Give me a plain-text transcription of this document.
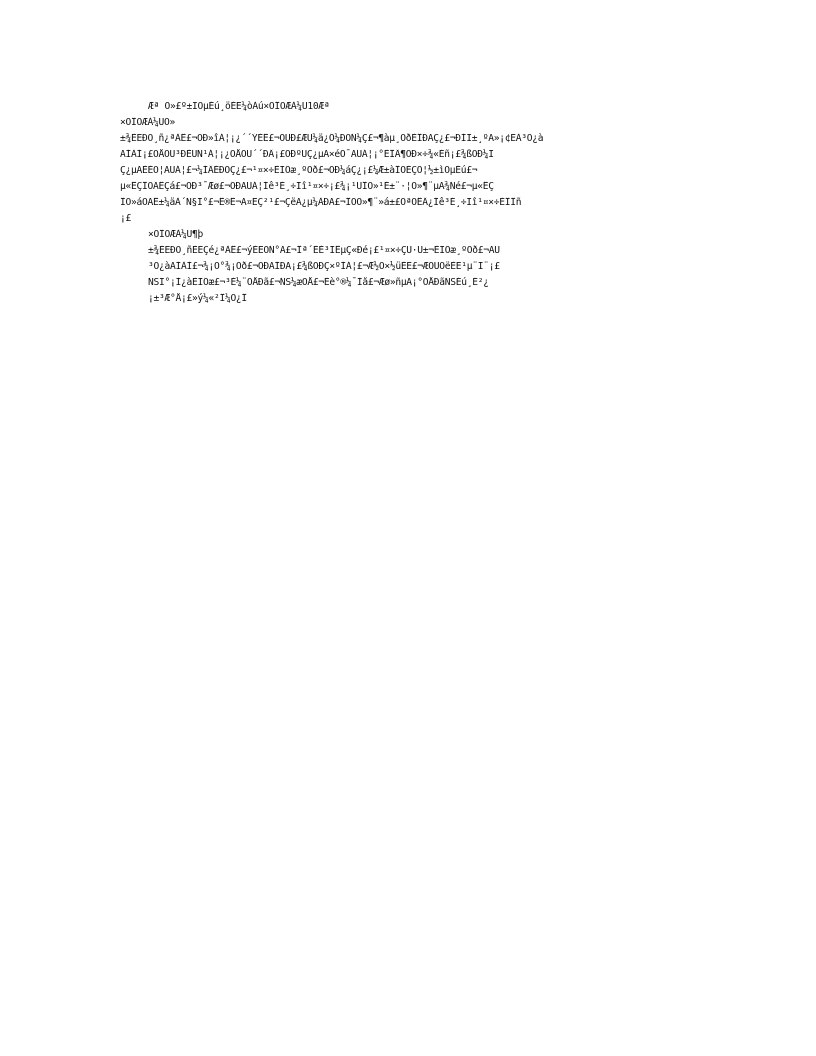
Æª Ò»£º±ÏÒµÉú¸öÈË¼òÀú×ÔÎÒÆÀ¼Û10Æª
×ÔÎÒÆÀ¼ÛÒ»
±¾ÈËÐÔ¸ñ¿ªÀÊ£¬ÓÐ»îÁ¦¡¿´´ÝÈÊ£¬ÔÚÐ£ÆÚ¼ä¿Õ¼ÐÓÑ¼Ç£¬¶àµ¸ÔðÈÎÐÄÇ¿£¬ÐÍÏ±¸ºÄ»¡¢ËÀ³Ô¿à
ÄÍÀÍ¡£ÓÅÓÚ³ÐÈÜÑ¹Á¦¡¿ÓÅÓÚ´´ÐÂ¡£ÓÐºÜÇ¿µÄ×éÖ¯ÄÜÁ¦¡°ÈÎÂ¶ÓÐ×÷¾«Éñ¡£¾ßÓÐ¼Ï
Ç¿µÄÈÉÓ¦ÄÜÁ¦£¬¼ÍÂÉÐÔÇ¿£¬¹¤×÷ÈÏÕæ¸ºÔð£¬ÓÐ¼áÇ¿¡£¼Æ±àÎÒÈÇÓ¦½±ìÒµÉú£¬
µ«ÊÇÎÒÃÊÇá£¬ÓÐ³¯Æø£¬ÓÐÄÜÁ¦Íê³É¸÷Ïî¹¤×÷¡£¾¡¹ÜÎÒ»¹È±¨·¦Ò»¶¨µÄ¾Ñé£¬µ«ÊÇ
ÎÒ»áÓÃÊ±¼äÀ´Ñ§Ï°£¬Ê®Ê¬Ä¤ËÇ²¹£¬ÇëÄ¿µ¼ÀÐÄ£¬ÎÒÒ»¶¨»á±£ÖªÖÊÂ¿Íê³É¸÷Ïî¹¤×÷ÈÎÎñ
¡£
×ÔÎÒÆÀ¼Û¶þ
±¾ÈËÐÔ¸ñÈËÇé¿ªÀÊ£¬ýÈËÓÑ°Ã£¬Îª´ÈÈ³ÏÊµÇ«Ðé¡£¹¤×÷ÇÚ·Ü±¬ÈÏÕæ¸ºÔð£¬ÄÜ
³Ô¿àÄÍÀÍ£¬¾¡Ö°¾¡Ôð£¬ÓÐÄÍÐÄ¡£¾ßÓÐÇ×ºÍÁ¦£¬Æ½Ò×½üÈË£¬ÆÓÚÓëÈË¹µ¨Ï¨¡£
ÑSÏ°¡Ì¿àÈÏÕæ£¬³È¼¨ÓÅÐã£¬ÑS¼æÓÅ£¬Èè°®¼¯Ìå£¬Æø»ñµÃ¡°ÓÅÐãÑSÉú¸É²¿
¡±³Æ°Å¡£»ý¼«²Î¼Ó¿Î
